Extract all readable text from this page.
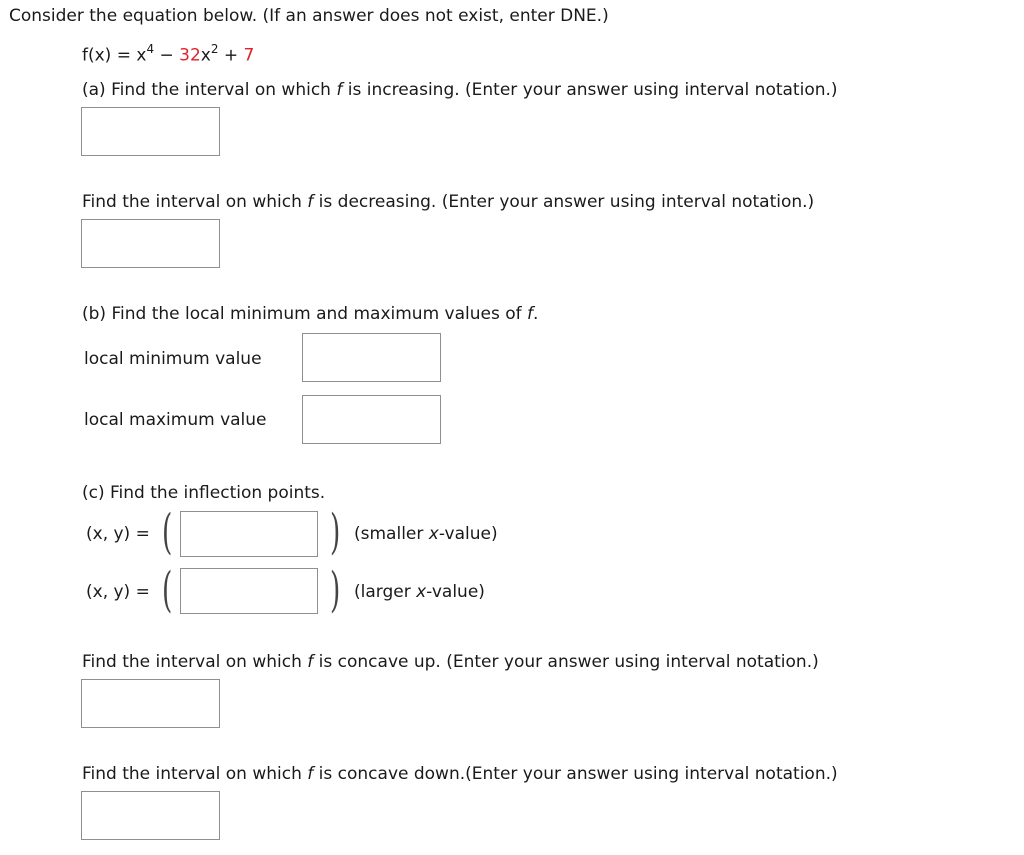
Consider the equation below. (If an answer does not exist, enter DNE.)
$f(x) = x^4 - 32x^2 + 7$
(a) Find the interval on which f is increasing. (Enter your answer using interval notation.)
Find the interval on which f is decreasing. (Enter your answer using interval notation.)
(b) Find the local minimum and maximum values of f.
local minimum value
local maximum value
(c) Find the inflection points.
(x, y) = (	) (smaller x-value)
(x, y) = (	) (larger x-value)
Find the interval on which f is concave up. (Enter your answer using interval notation.)
Find the interval on which f is concave down.(Enter your answer using interval notation.)
